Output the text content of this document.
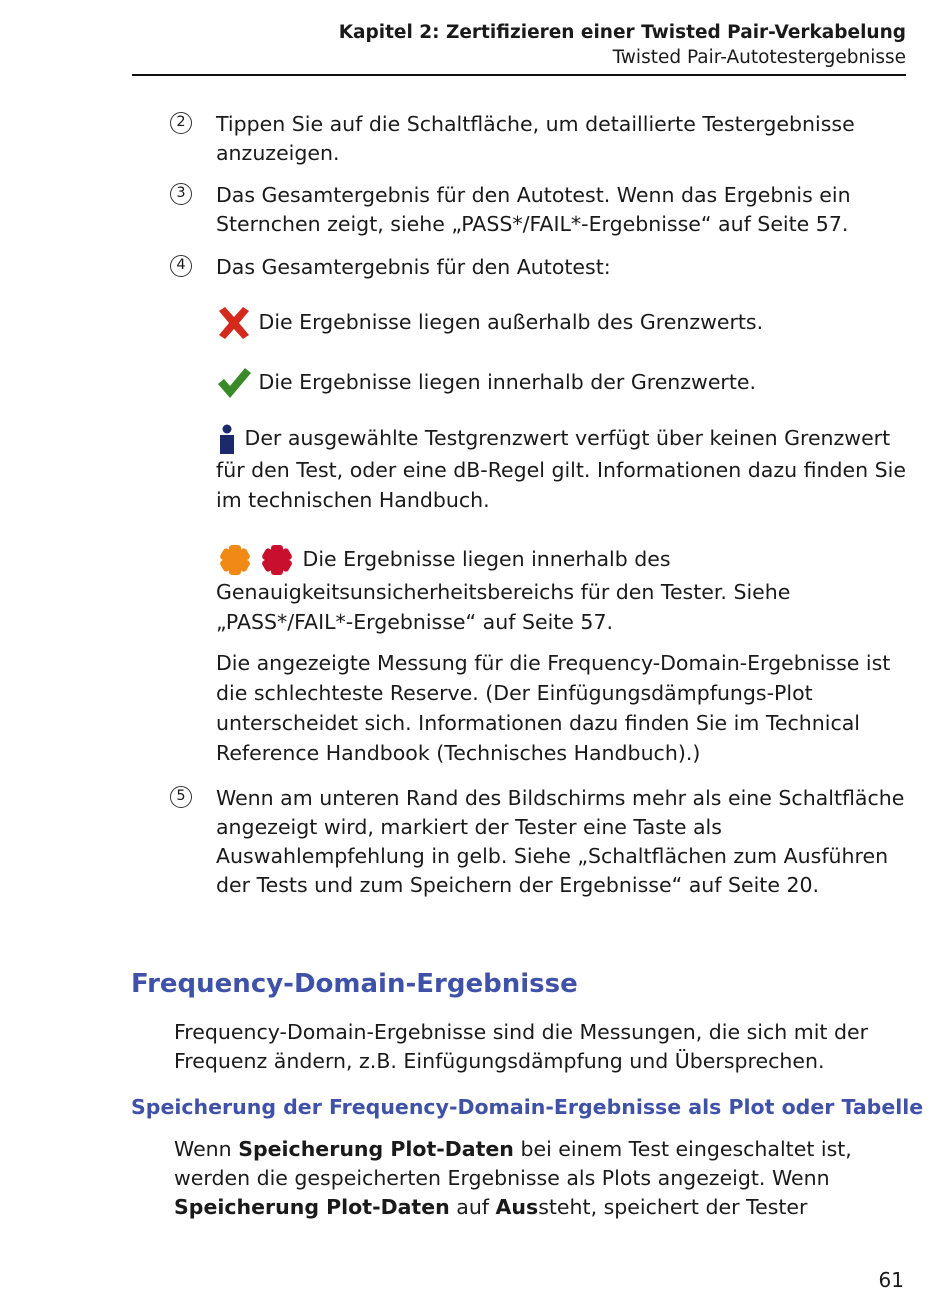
Kapitel 2: Zertifizieren einer Twisted Pair-Verkabelung
Twisted Pair-Autotestergebnisse
2	Tippen Sie auf die Schaltfläche, um detaillierte Testergebnisse anzuzeigen.
3	Das Gesamtergebnis für den Autotest. Wenn das Ergebnis ein Sternchen zeigt, siehe „PASS*/FAIL*-Ergebnisse“ auf Seite 57.
4	Das Gesamtergebnis für den Autotest:
Die Ergebnisse liegen außerhalb des Grenzwerts.
Die Ergebnisse liegen innerhalb der Grenzwerte.
Der ausgewählte Testgrenzwert verfügt über keinen Grenzwert für den Test, oder eine dB-Regel gilt. Informationen dazu finden Sie im technischen Handbuch.
Die Ergebnisse liegen innerhalb des Genauigkeitsunsicherheitsbereichs für den Tester. Siehe „PASS*/FAIL*-Ergebnisse“ auf Seite 57.
Die angezeigte Messung für die Frequency-Domain-Ergebnisse ist die schlechteste Reserve. (Der Einfügungsdämpfungs-Plot unterscheidet sich. Informationen dazu finden Sie im Technical Reference Handbook (Technisches Handbuch).)
5	Wenn am unteren Rand des Bildschirms mehr als eine Schaltfläche angezeigt wird, markiert der Tester eine Taste als Auswahlempfehlung in gelb. Siehe „Schaltflächen zum Ausführen der Tests und zum Speichern der Ergebnisse“ auf Seite 20.
Frequency-Domain-Ergebnisse
Frequency-Domain-Ergebnisse sind die Messungen, die sich mit der Frequenz ändern, z.B. Einfügungsdämpfung und Übersprechen.
Speicherung der Frequency-Domain-Ergebnisse als Plot oder Tabelle
Wenn Speicherung Plot-Daten bei einem Test eingeschaltet ist, werden die gespeicherten Ergebnisse als Plots angezeigt. Wenn Speicherung Plot-Daten auf Aussteht, speichert der Tester
61
